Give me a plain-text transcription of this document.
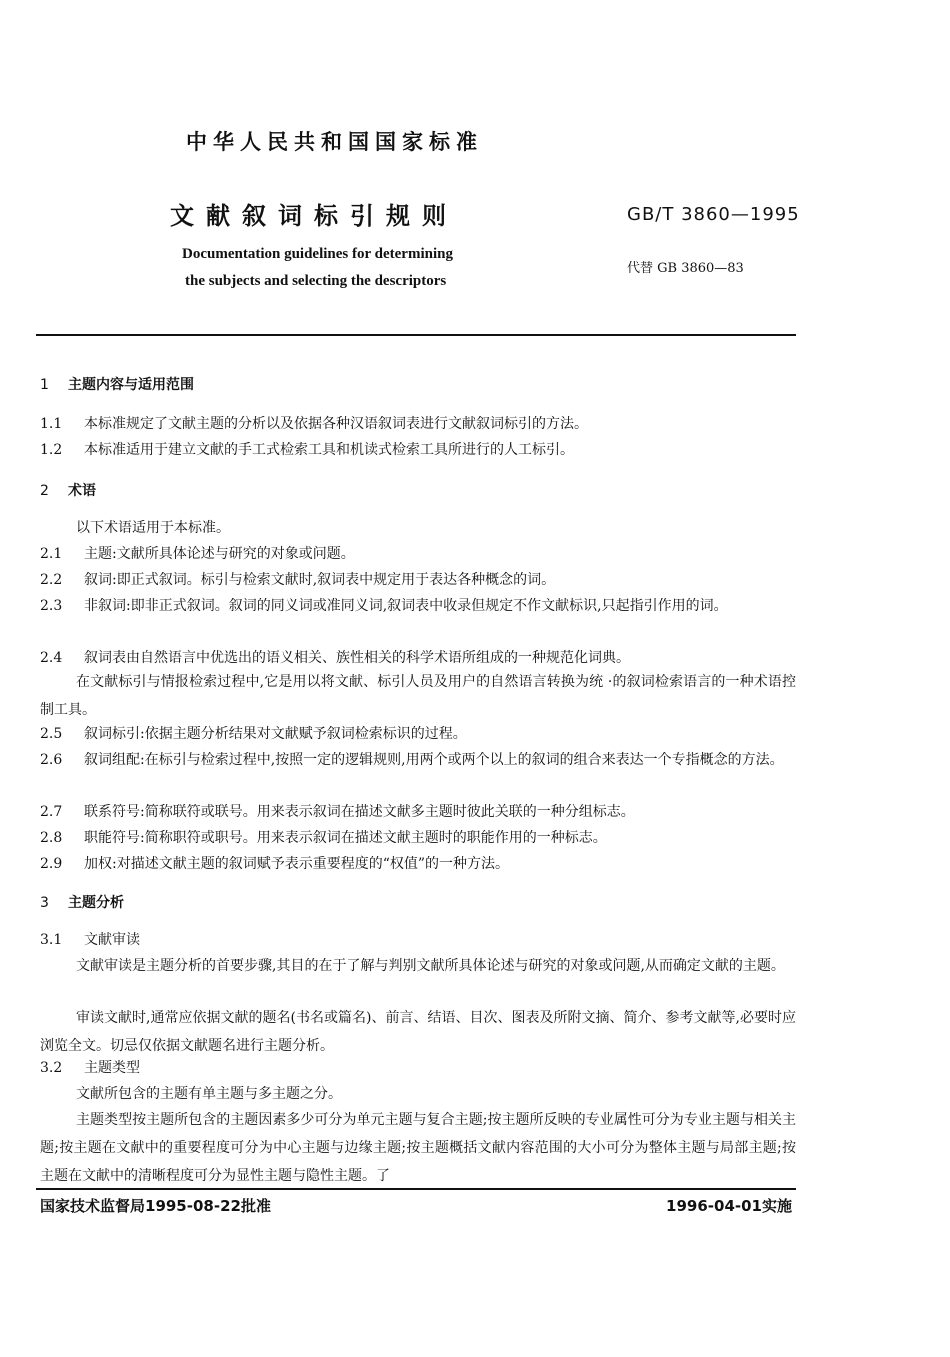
中华人民共和国国家标准
文献叙词标引规则	GB/T 3860—1995
Documentation guidelines for determining
the subjects and selecting the descriptors
代替 GB 3860—83
1 主题内容与适用范围
1.1 本标准规定了文献主题的分析以及依据各种汉语叙词表进行文献叙词标引的方法。
1.2 本标准适用于建立文献的手工式检索工具和机读式检索工具所进行的人工标引。
2 术语
以下术语适用于本标准。
2.1 主题:文献所具体论述与研究的对象或问题。
2.2 叙词:即正式叙词。标引与检索文献时,叙词表中规定用于表达各种概念的词。
2.3 非叙词:即非正式叙词。叙词的同义词或准同义词,叙词表中收录但规定不作文献标识,只起指引作用的词。
2.4 叙词表由自然语言中优选出的语义相关、族性相关的科学术语所组成的一种规范化词典。
在文献标引与情报检索过程中,它是用以将文献、标引人员及用户的自然语言转换为统 ·的叙词检索语言的一种术语控制工具。
2.5 叙词标引:依据主题分析结果对文献赋予叙词检索标识的过程。
2.6 叙词组配:在标引与检索过程中,按照一定的逻辑规则,用两个或两个以上的叙词的组合来表达一个专指概念的方法。
2.7 联系符号:简称联符或联号。用来表示叙词在描述文献多主题时彼此关联的一种分组标志。
2.8 职能符号:简称职符或职号。用来表示叙词在描述文献主题时的职能作用的一种标志。
2.9 加权:对描述文献主题的叙词赋予表示重要程度的“权值”的一种方法。
3 主题分析
3.1 文献审读
文献审读是主题分析的首要步骤,其目的在于了解与判别文献所具体论述与研究的对象或问题,从而确定文献的主题。
审读文献时,通常应依据文献的题名(书名或篇名)、前言、结语、目次、图表及所附文摘、简介、参考文献等,必要时应浏览全文。切忌仅依据文献题名进行主题分析。
3.2 主题类型
文献所包含的主题有单主题与多主题之分。
主题类型按主题所包含的主题因素多少可分为单元主题与复合主题;按主题所反映的专业属性可分为专业主题与相关主题;按主题在文献中的重要程度可分为中心主题与边缘主题;按主题概括文献内容范围的大小可分为整体主题与局部主题;按主题在文献中的清晰程度可分为显性主题与隐性主题。了
国家技术监督局1995-08-22批准	1996-04-01实施
